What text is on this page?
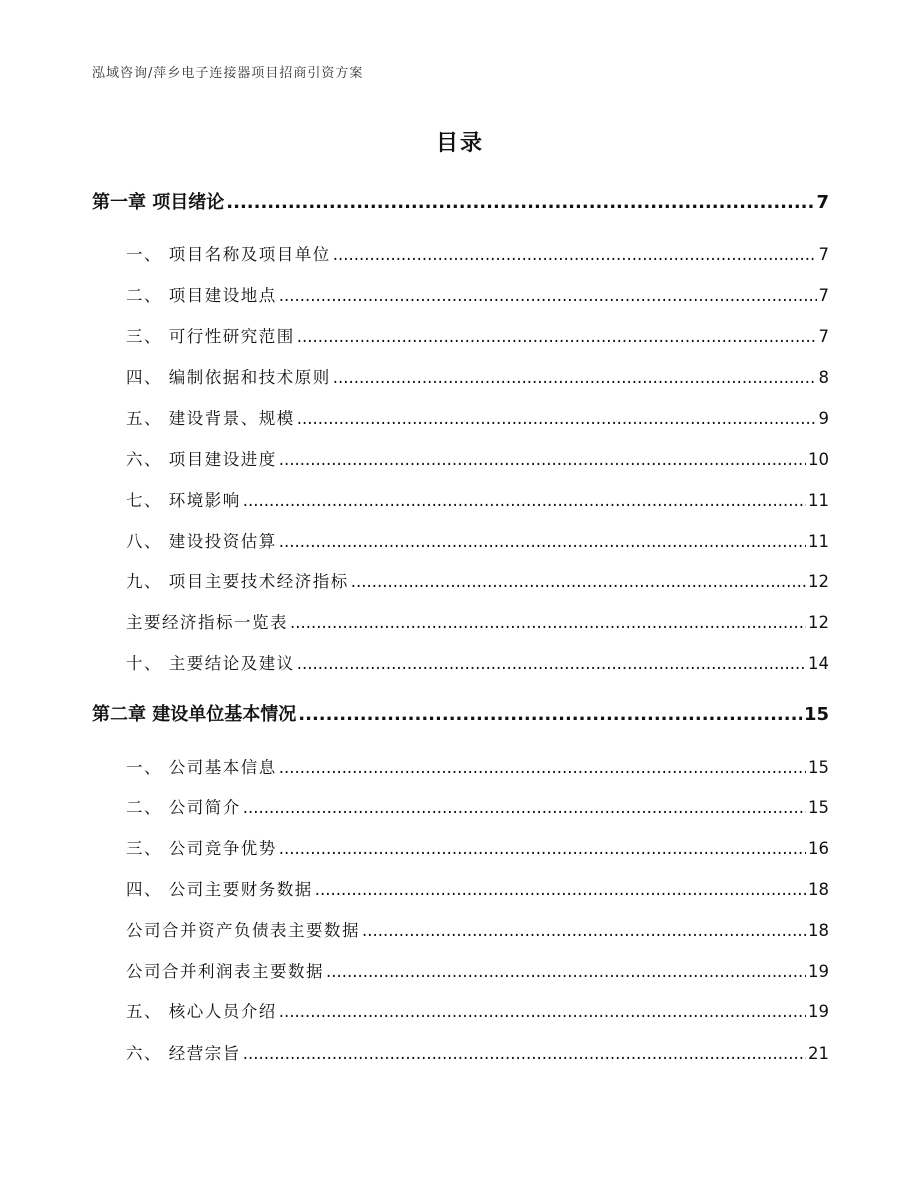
泓域咨询/萍乡电子连接器项目招商引资方案
目录
第一章 项目绪论 .....	7
一、 项目名称及项目单位 .....	7
二、 项目建设地点 .....	7
三、 可行性研究范围 .....	7
四、 编制依据和技术原则 .....	8
五、 建设背景、规模 .....	9
六、 项目建设进度 .....	10
七、 环境影响 .....	11
八、 建设投资估算 .....	11
九、 项目主要技术经济指标 .....	12
主要经济指标一览表 .....	12
十、 主要结论及建议 .....	14
第二章 建设单位基本情况 .....	15
一、 公司基本信息 .....	15
二、 公司简介 .....	15
三、 公司竞争优势 .....	16
四、 公司主要财务数据 .....	18
公司合并资产负债表主要数据 .....	18
公司合并利润表主要数据 .....	19
五、 核心人员介绍 .....	19
六、 经营宗旨 .....	21
